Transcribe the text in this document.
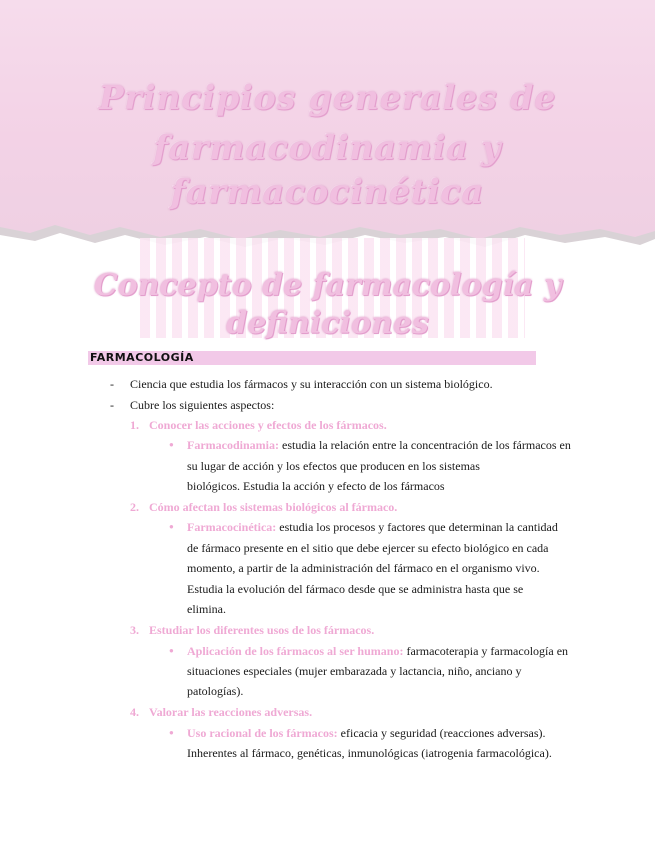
Principios generales de
farmacodinamia y
farmacocinética
Concepto de farmacología y
definiciones
FARMACOLOGÍA
- Ciencia que estudia los fármacos y su interacción con un sistema biológico.
- Cubre los siguientes aspectos:
1. Conocer las acciones y efectos de los fármacos.
● Farmacodinamia: estudia la relación entre la concentración de los fármacos en
su lugar de acción y los efectos que producen en los sistemas
biológicos. Estudia la acción y efecto de los fármacos
2. Cómo afectan los sistemas biológicos al fármaco.
● Farmacocinética: estudia los procesos y factores que determinan la cantidad
de fármaco presente en el sitio que debe ejercer su efecto biológico en cada
momento, a partir de la administración del fármaco en el organismo vivo.
Estudia la evolución del fármaco desde que se administra hasta que se
elimina.
3. Estudiar los diferentes usos de los fármacos.
● Aplicación de los fármacos al ser humano: farmacoterapia y farmacología en
situaciones especiales (mujer embarazada y lactancia, niño, anciano y
patologías).
4. Valorar las reacciones adversas.
● Uso racional de los fármacos: eficacia y seguridad (reacciones adversas).
Inherentes al fármaco, genéticas, inmunológicas (iatrogenia farmacológica).
